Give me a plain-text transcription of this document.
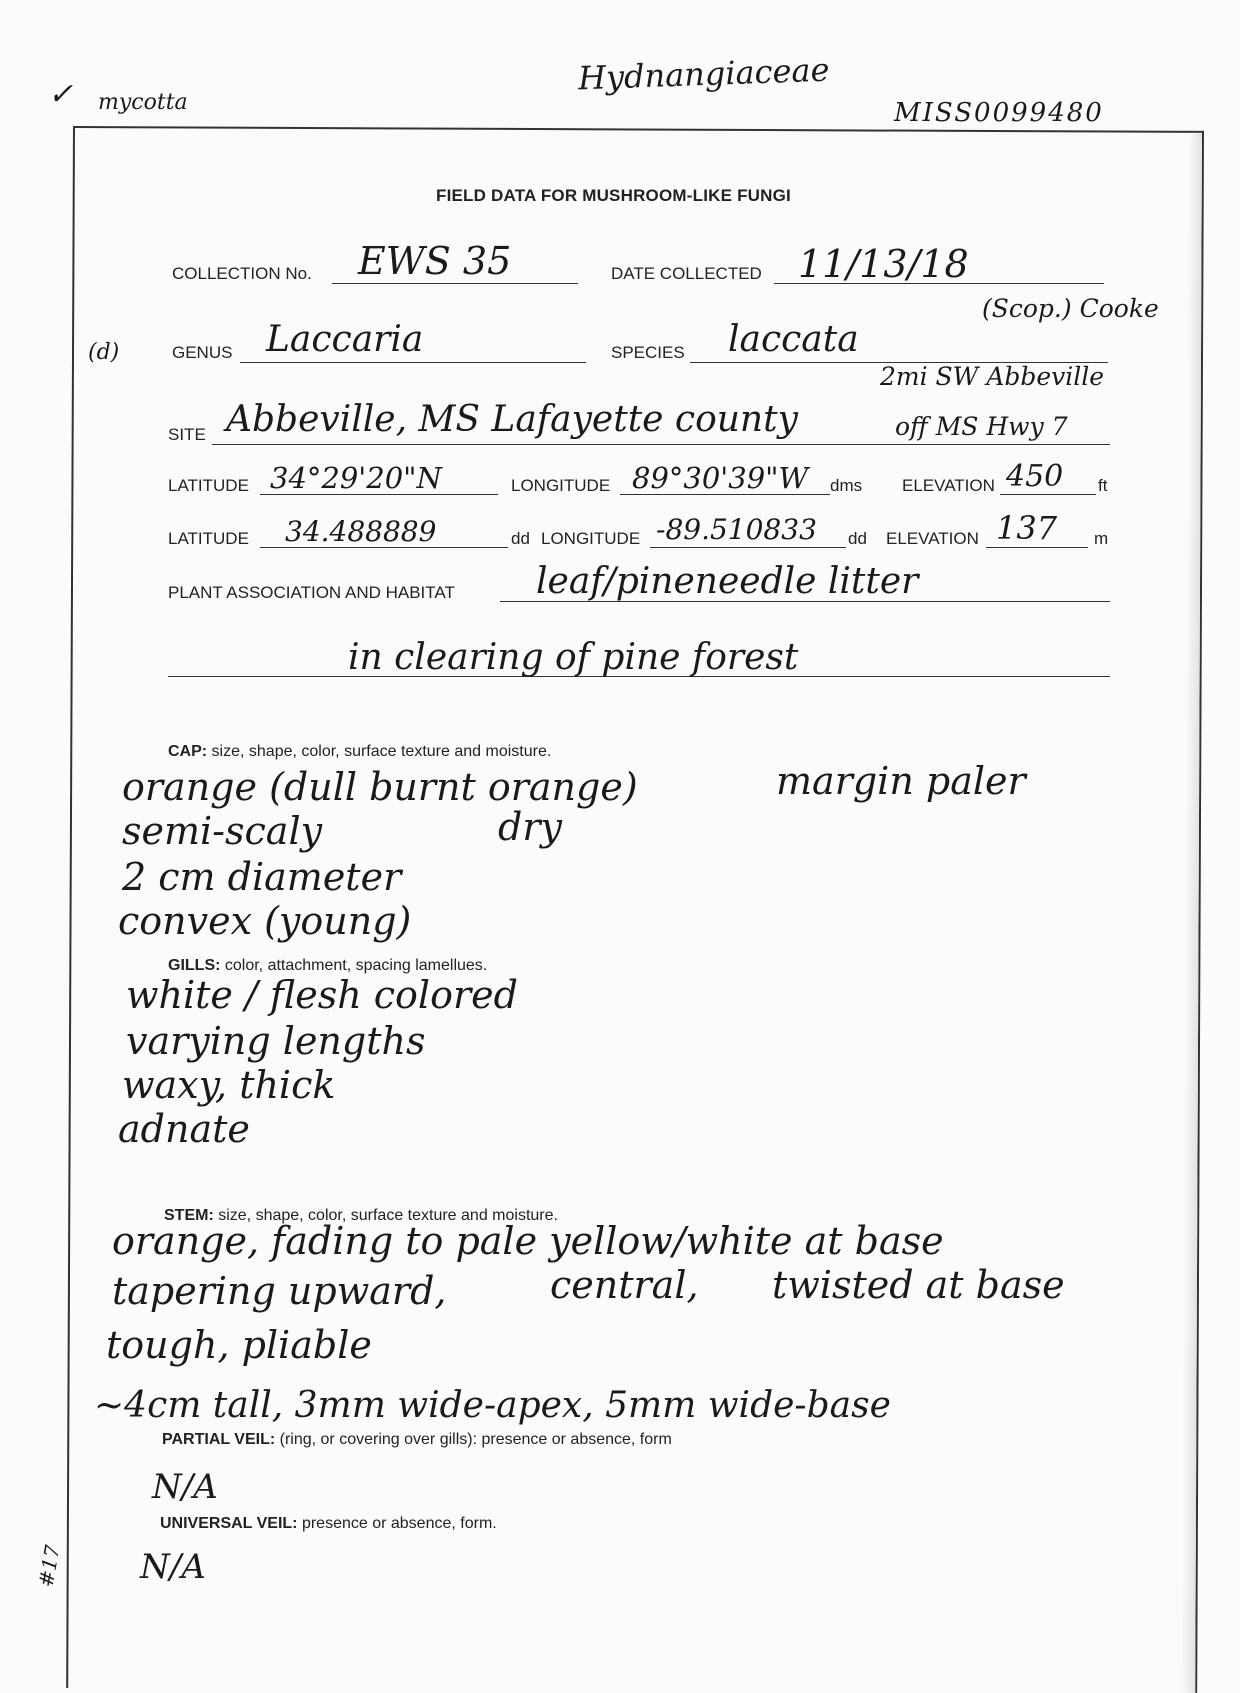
✓ mycotta
Hydnangiaceae
MISS0099480
FIELD DATA FOR MUSHROOM-LIKE FUNGI
COLLECTION No. EWS 35	DATE COLLECTED 11/13/18
(d)	GENUS Laccaria	SPECIES laccata
(Scop.) Cooke
2mi SW Abbeville
SITE Abbeville, MS Lafayette county	off MS Hwy 7
LATITUDE 34°29'20"N	LONGITUDE 89°30'39"W dms ELEVATION 450 ft
LATITUDE 34.488889	dd LONGITUDE -89.510833 dd ELEVATION 137 m
PLANT ASSOCIATION AND HABITAT leaf/pineneedle litter
in clearing of pine forest
CAP: size, shape, color, surface texture and moisture.
orange (dull burnt orange)	margin paler
semi-scaly	dry
2 cm diameter
convex (young)
GILLS: color, attachment, spacing lamellues.
white / flesh colored
varying lengths
waxy, thick
adnate
STEM: size, shape, color, surface texture and moisture.
orange, fading to pale yellow/white at base
tapering upward,	central, twisted at base
tough, pliable
~4cm tall, 3mm wide-apex, 5mm wide-base
PARTIAL VEIL: (ring, or covering over gills): presence or absence, form
N/A
UNIVERSAL VEIL: presence or absence, form.
N/A
#17
